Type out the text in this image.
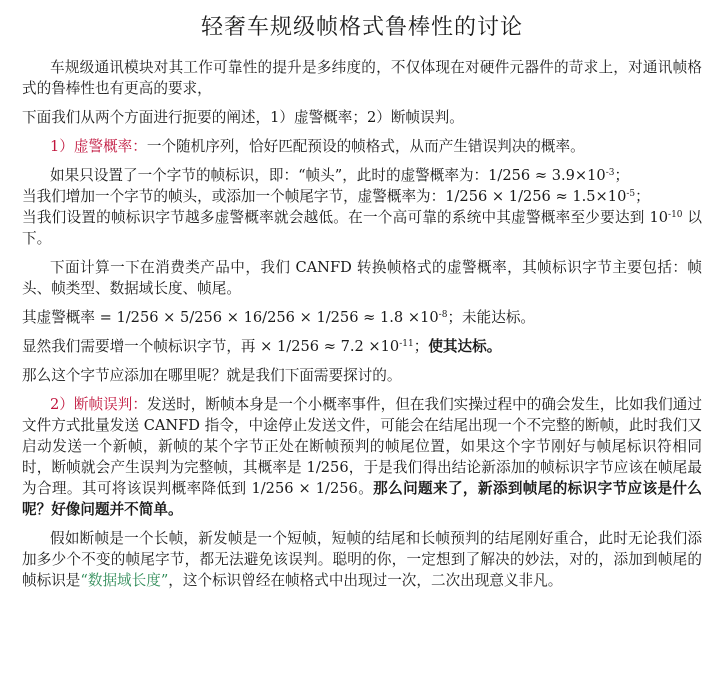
轻奢车规级帧格式鲁棒性的讨论

车规级通讯模块对其工作可靠性的提升是多纬度的，不仅体现在对硬件元器件的苛求上，对通讯帧格式的鲁棒性也有更高的要求，

下面我们从两个方面进行扼要的阐述，1）虚警概率；2）断帧误判。

1）虚警概率：一个随机序列，恰好匹配预设的帧格式，从而产生错误判决的概率。

如果只设置了一个字节的帧标识，即：“帧头”，此时的虚警概率为：$1/256 \approx 3.9\times 10^{-3}$；
当我们增加一个字节的帧头，或添加一个帧尾字节，虚警概率为：$1/256 \times 1/256 \approx 1.5\times 10^{-5}$；
当我们设置的帧标识字节越多虚警概率就会越低。在一个高可靠的系统中其虚警概率至少要达到 $10^{-10}$ 以下。

下面计算一下在消费类产品中，我们 CANFD 转换帧格式的虚警概率，其帧标识字节主要包括：帧头、帧类型、数据域长度、帧尾。

其虚警概率 = $1/256 \times 5/256 \times 16/256 \times 1/256 \approx 1.8 \times 10^{-8}$；未能达标。

显然我们需要增一个帧标识字节，再 × $1/256 \approx 7.2 \times 10^{-11}$；使其达标。

那么这个字节应添加在哪里呢？就是我们下面需要探讨的。

2）断帧误判：发送时，断帧本身是一个小概率事件，但在我们实操过程中的确会发生，比如我们通过文件方式批量发送 CANFD 指令，中途停止发送文件，可能会在结尾出现一个不完整的断帧，此时我们又启动发送一个新帧，新帧的某个字节正处在断帧预判的帧尾位置，如果这个字节刚好与帧尾标识符相同时，断帧就会产生误判为完整帧，其概率是 1/256，于是我们得出结论新添加的帧标识字节应该在帧尾最为合理。其可将该误判概率降低到 1/256 × 1/256。那么问题来了，新添到帧尾的标识字节应该是什么呢？好像问题并不简单。

假如断帧是一个长帧，新发帧是一个短帧，短帧的结尾和长帧预判的结尾刚好重合，此时无论我们添加多少个不变的帧尾字节，都无法避免该误判。聪明的你，一定想到了解决的妙法，对的，添加到帧尾的帧标识是“数据域长度”，这个标识曾经在帧格式中出现过一次，二次出现意义非凡。
